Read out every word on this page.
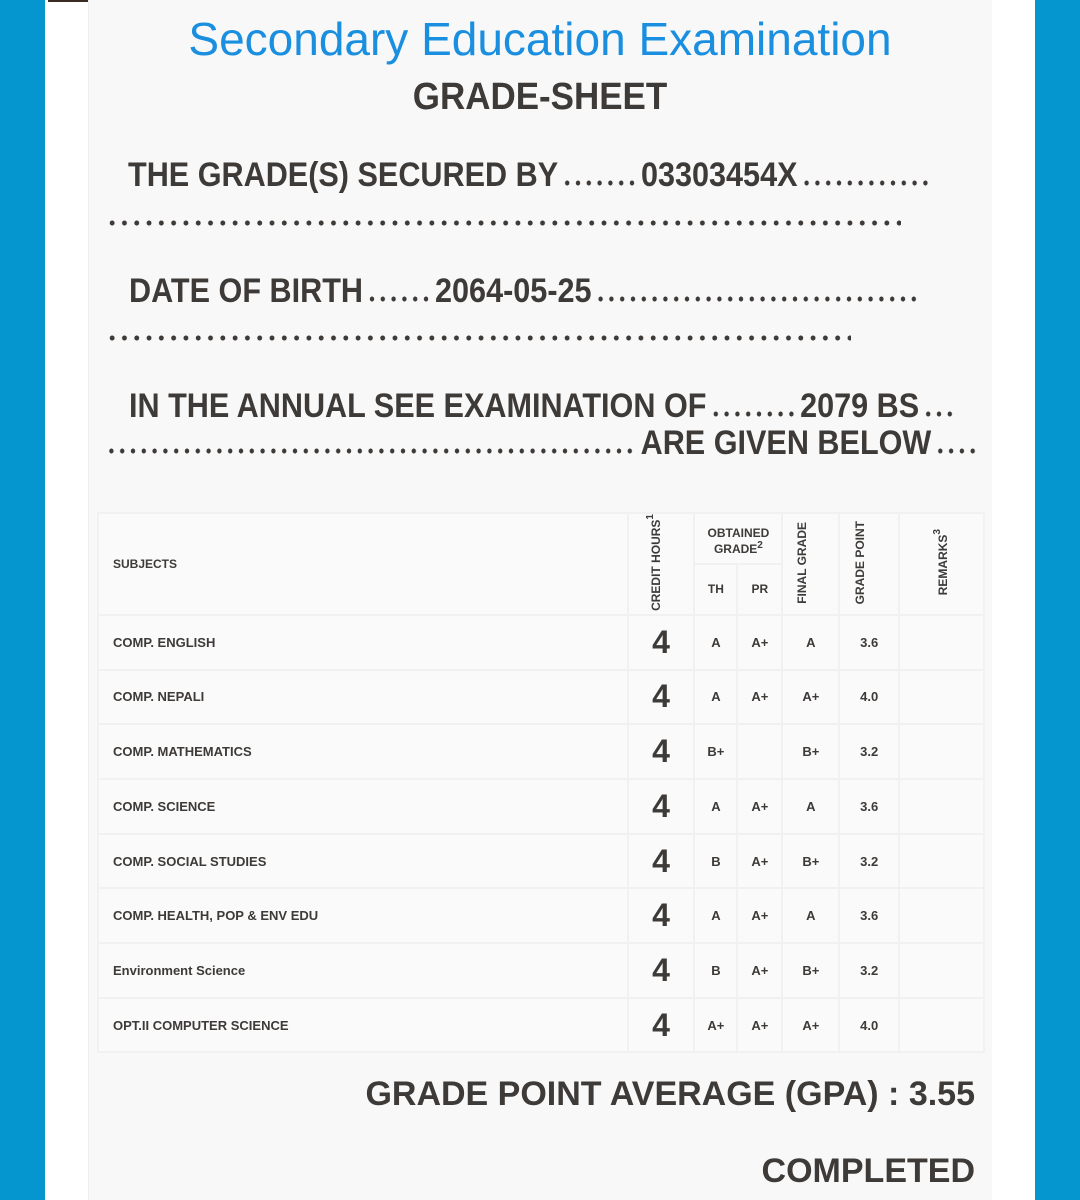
Secondary Education Examination
GRADE-SHEET
THE GRADE(S) SECURED BY 03303454X
DATE OF BIRTH 2064-05-25
IN THE ANNUAL SEE EXAMINATION OF	2079 BS
ARE GIVEN BELOW
SUBJECTS	CREDIT HOURS$^1$	OBTAINED GRADE$^2$		FINAL GRADE	GRADE POINT	REMARKS$^3$
		TH	PR			
COMP. ENGLISH	4	A	A+	A	3.6	
COMP. NEPALI	4	A	A+	A+	4.0	
COMP. MATHEMATICS	4	B+		B+	3.2	
COMP. SCIENCE	4	A	A+	A	3.6	
COMP. SOCIAL STUDIES	4	B	A+	B+	3.2	
COMP. HEALTH, POP & ENV EDU	4	A	A+	A	3.6	
Environment Science	4	B	A+	B+	3.2	
OPT.II COMPUTER SCIENCE	4	A+	A+	A+	4.0	
GRADE POINT AVERAGE (GPA) : 3.55
COMPLETED
